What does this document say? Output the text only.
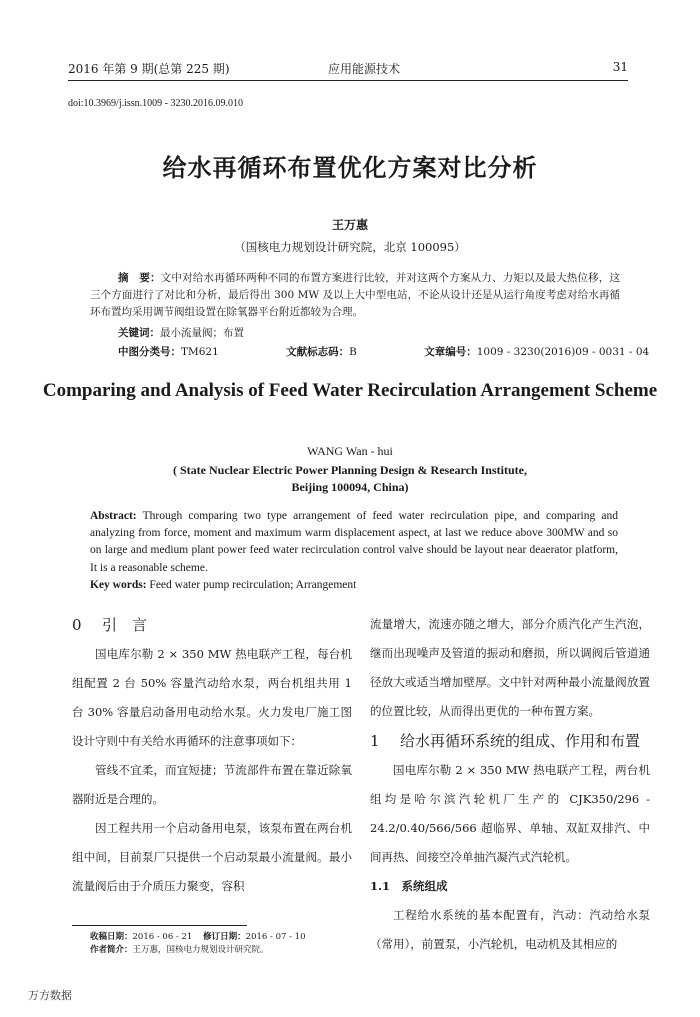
2016 年第 9 期(总第 225 期)	应用能源技术	31
doi:10.3969/j.issn.1009 - 3230.2016.09.010
给水再循环布置优化方案对比分析
王万惠
（国核电力规划设计研究院，北京 100095）
摘　要：文中对给水再循环两种不同的布置方案进行比较，并对这两个方案从力、力矩以及最大热位移，这三个方面进行了对比和分析，最后得出 300 MW 及以上大中型电站，不论从设计还是从运行角度考虑对给水再循环布置均采用调节阀组设置在除氧器平台附近都较为合理。
关键词：最小流量阀；布置
中图分类号：TM621	文献标志码：B	文章编号：1009 - 3230(2016)09 - 0031 - 04
Comparing and Analysis of Feed Water Recirculation Arrangement Scheme
WANG Wan - hui
( State Nuclear Electric Power Planning Design & Research Institute,
Beijing 100094, China)
Abstract: Through comparing two type arrangement of feed water recirculation pipe, and comparing and analyzing from force, moment and maximum warm displacement aspect, at last we reduce above 300MW and so on large and medium plant power feed water recirculation control valve should be layout near deaerator platform, It is a reasonable scheme.
Key words: Feed water pump recirculation; Arrangement
0 引　言

国电库尔勒 2 × 350 MW 热电联产工程，每台机组配置 2 台 50% 容量汽动给水泵，两台机组共用 1 台 30% 容量启动备用电动给水泵。火力发电厂施工图设计守则中有关给水再循环的注意事项如下：

管线不宜柔，而宜短捷；节流部件布置在靠近除氧器附近是合理的。

因工程共用一个启动备用电泵，该泵布置在两台机组中间，目前泵厂只提供一个启动泵最小流量阀。最小流量阀后由于介质压力聚变，容积

流量增大，流速亦随之增大，部分介质汽化产生汽泡，继而出现噪声及管道的振动和磨损，所以调阀后管道通径放大或适当增加壁厚。文中针对两种最小流量阀放置的位置比较，从而得出更优的一种布置方案。

1 给水再循环系统的组成、作用和布置

国电库尔勒 2 × 350 MW 热电联产工程，两台机组均是哈尔滨汽轮机厂生产的 CJK350/296 - 24.2/0.40/566/566 超临界、单轴、双缸双排汽、中间再热、间接空冷单抽汽凝汽式汽轮机。

1.1　系统组成

工程给水系统的基本配置有，汽动：汽动给水泵（常用），前置泵，小汽轮机，电动机及其相应的

收稿日期：2016 - 06 - 21 修订日期：2016 - 07 - 10
作者简介：王万惠，国核电力规划设计研究院。
万方数据
